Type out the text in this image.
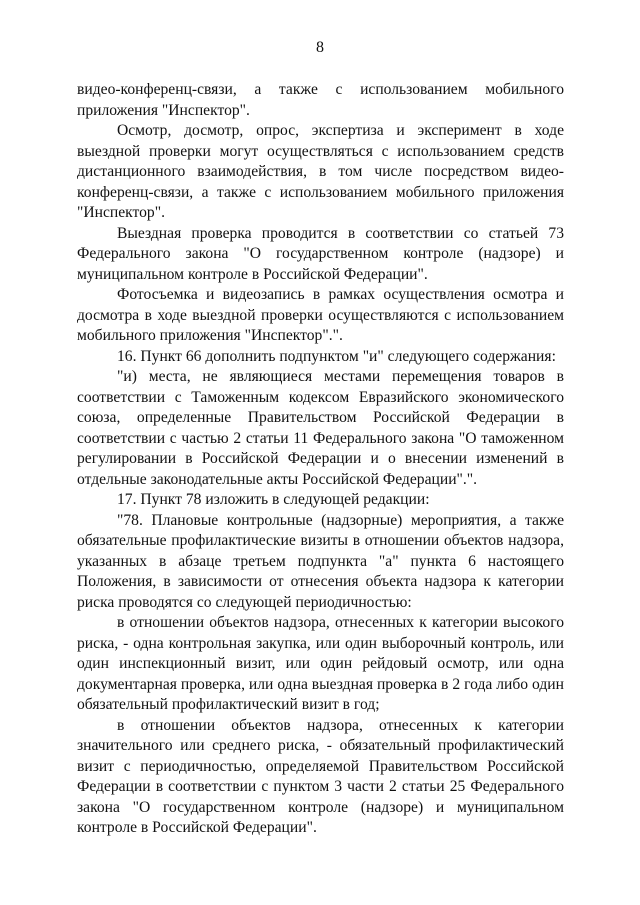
8

видео-конференц-связи, а также с использованием мобильного приложения "Инспектор".

Осмотр, досмотр, опрос, экспертиза и эксперимент в ходе выездной проверки могут осуществляться с использованием средств дистанционного взаимодействия, в том числе посредством видео-конференц-связи, а также с использованием мобильного приложения "Инспектор".

Выездная проверка проводится в соответствии со статьей 73 Федерального закона "О государственном контроле (надзоре) и муниципальном контроле в Российской Федерации".

Фотосъемка и видеозапись в рамках осуществления осмотра и досмотра в ходе выездной проверки осуществляются с использованием мобильного приложения "Инспектор".".

16. Пункт 66 дополнить подпунктом "и" следующего содержания:

"и) места, не являющиеся местами перемещения товаров в соответствии с Таможенным кодексом Евразийского экономического союза, определенные Правительством Российской Федерации в соответствии с частью 2 статьи 11 Федерального закона "О таможенном регулировании в Российской Федерации и о внесении изменений в отдельные законодательные акты Российской Федерации".".

17. Пункт 78 изложить в следующей редакции:

"78. Плановые контрольные (надзорные) мероприятия, а также обязательные профилактические визиты в отношении объектов надзора, указанных в абзаце третьем подпункта "а" пункта 6 настоящего Положения, в зависимости от отнесения объекта надзора к категории риска проводятся со следующей периодичностью:

в отношении объектов надзора, отнесенных к категории высокого риска, - одна контрольная закупка, или один выборочный контроль, или один инспекционный визит, или один рейдовый осмотр, или одна документарная проверка, или одна выездная проверка в 2 года либо один обязательный профилактический визит в год;

в отношении объектов надзора, отнесенных к категории значительного или среднего риска, - обязательный профилактический визит с периодичностью, определяемой Правительством Российской Федерации в соответствии с пунктом 3 части 2 статьи 25 Федерального закона "О государственном контроле (надзоре) и муниципальном контроле в Российской Федерации".
